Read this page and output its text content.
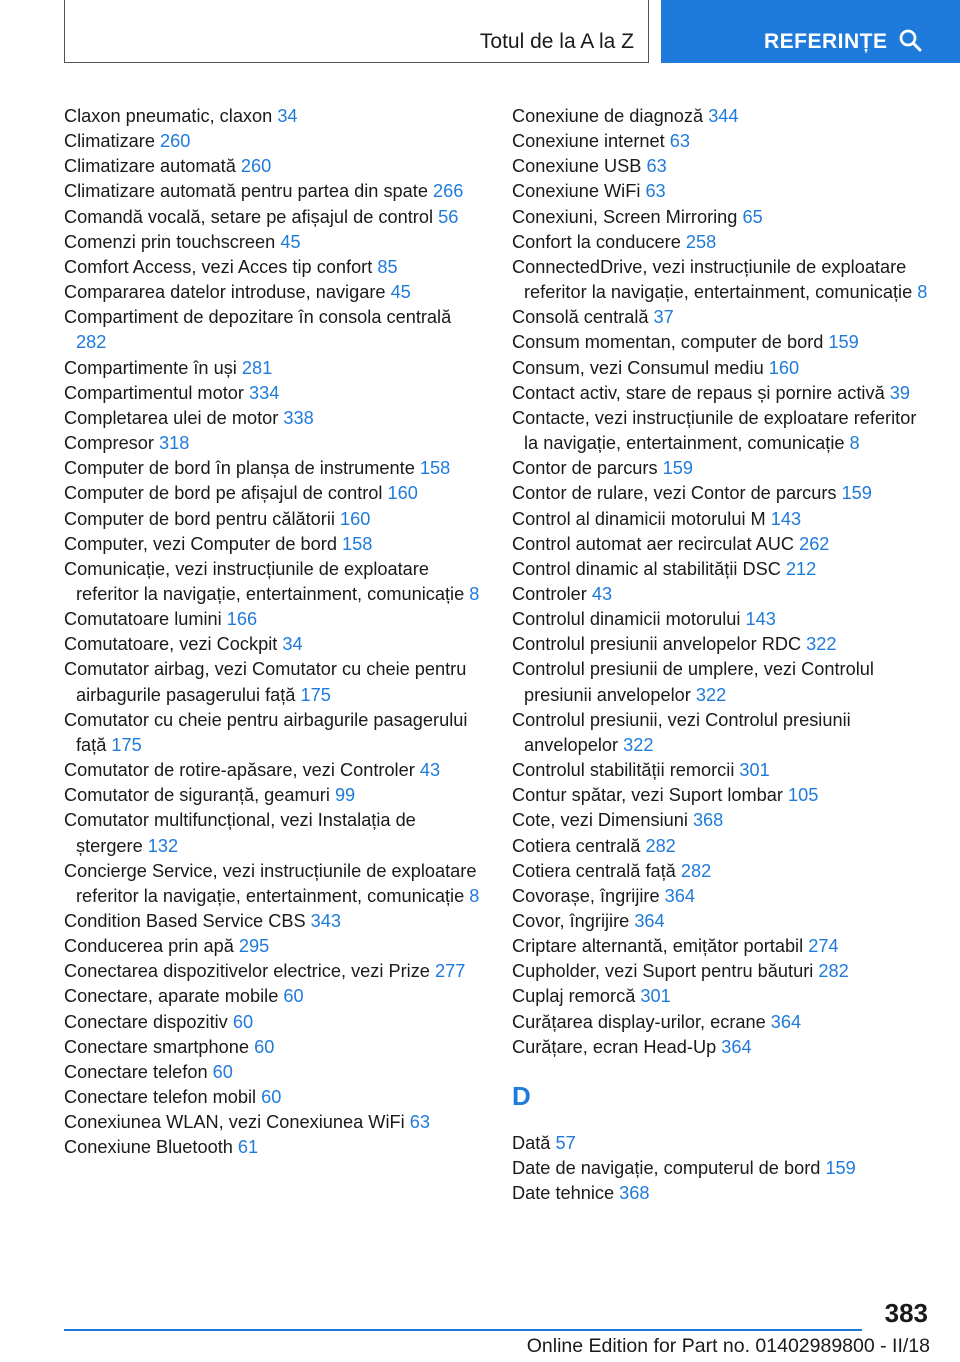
Totul de la A la Z	REFERINȚE

Claxon pneumatic, claxon 34

Climatizare 260

Climatizare automată 260

Climatizare automată pentru partea din spate 266

Comandă vocală, setare pe afișajul de control 56

Comenzi prin touchscreen 45

Comfort Access, vezi Acces tip confort 85

Compararea datelor introduse, navigare 45

Compartiment de depozitare în consola centrală 282

Compartimente în uși 281

Compartimentul motor 334

Completarea ulei de motor 338

Compresor 318

Computer de bord în planșa de instrumente 158

Computer de bord pe afișajul de control 160

Computer de bord pentru călătorii 160

Computer, vezi Computer de bord 158

Comunicație, vezi instrucțiunile de exploatare referitor la navigație, entertainment, comunicație 8

Comutatoare lumini 166

Comutatoare, vezi Cockpit 34

Comutator airbag, vezi Comutator cu cheie pentru airbagurile pasagerului față 175

Comutator cu cheie pentru airbagurile pasagerului față 175

Comutator de rotire-apăsare, vezi Controler 43

Comutator de siguranță, geamuri 99

Comutator multifuncțional, vezi Instalația de ștergere 132

Concierge Service, vezi instrucțiunile de exploatare referitor la navigație, entertainment, comunicație 8

Condition Based Service CBS 343

Conducerea prin apă 295

Conectarea dispozitivelor electrice, vezi Prize 277

Conectare, aparate mobile 60

Conectare dispozitiv 60

Conectare smartphone 60

Conectare telefon 60

Conectare telefon mobil 60

Conexiunea WLAN, vezi Conexiunea WiFi 63

Conexiune Bluetooth 61

Conexiune de diagnoză 344

Conexiune internet 63

Conexiune USB 63

Conexiune WiFi 63

Conexiuni, Screen Mirroring 65

Confort la conducere 258

ConnectedDrive, vezi instrucțiunile de exploatare referitor la navigație, entertainment, comunicație 8

Consolă centrală 37

Consum momentan, computer de bord 159

Consum, vezi Consumul mediu 160

Contact activ, stare de repaus și pornire activă 39

Contacte, vezi instrucțiunile de exploatare referitor la navigație, entertainment, comunicație 8

Contor de parcurs 159

Contor de rulare, vezi Contor de parcurs 159

Control al dinamicii motorului M 143

Control automat aer recirculat AUC 262

Control dinamic al stabilității DSC 212

Controler 43

Controlul dinamicii motorului 143

Controlul presiunii anvelopelor RDC 322

Controlul presiunii de umplere, vezi Controlul presiunii anvelopelor 322

Controlul presiunii, vezi Controlul presiunii anvelopelor 322

Controlul stabilității remorcii 301

Contur spătar, vezi Suport lombar 105

Cote, vezi Dimensiuni 368

Cotiera centrală 282

Cotiera centrală față 282

Covorașe, îngrijire 364

Covor, îngrijire 364

Criptare alternantă, emițător portabil 274

Cupholder, vezi Suport pentru băuturi 282

Cuplaj remorcă 301

Curățarea display-urilor, ecrane 364

Curățare, ecran Head-Up 364

D

Dată 57

Date de navigație, computerul de bord 159

Date tehnice 368

383
Online Edition for Part no. 01402989800 - II/18
